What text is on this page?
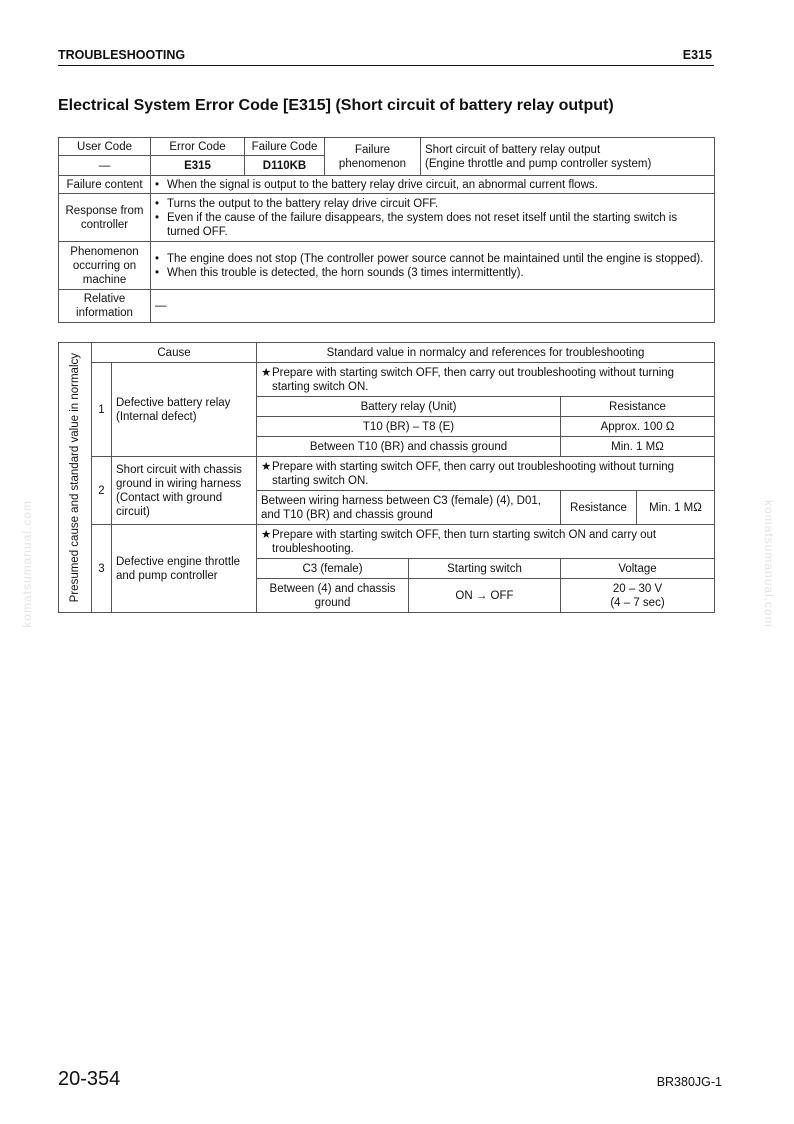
TROUBLESHOOTING	E315
Electrical System Error Code [E315] (Short circuit of battery relay output)
User Code	Error Code	Failure Code	Failure phenomenon	Short circuit of battery relay output
(Engine throttle and pump controller system)

—	E315	D110KB		
Failure content	• When the signal is output to the battery relay drive circuit, an abnormal current flows.			

Response from controller	• Turns the output to the battery relay drive circuit OFF.
• Even if the cause of the failure disappears, the system does not reset itself until the starting switch is turned OFF.			

Phenomenon occurring on machine	• The engine does not stop (The controller power source cannot be maintained until the engine is stopped).
• When this trouble is detected, the horn sounds (3 times intermittently).			

Relative information	—			
Presumed cause and standard value in normalcy	Cause		Standard value in normalcy and references for troubleshooting			
	1	Defective battery relay (Internal defect)	★ Prepare with starting switch OFF, then carry out troubleshooting without turning starting switch ON.			

			Battery relay (Unit)		Resistance	
			T10 (BR) – T8 (E)		Approx. 100 Ω	
			Between T10 (BR) and chassis ground		Min. 1 MΩ	
	2	Short circuit with chassis ground in wiring harness (Contact with ground circuit)	★ Prepare with starting switch OFF, then carry out troubleshooting without turning starting switch ON.			

			Between wiring harness between C3 (female) (4), D01, and T10 (BR) and chassis ground		Resistance	Min. 1 MΩ
	3	Defective engine throttle and pump controller	★ Prepare with starting switch OFF, then turn starting switch ON and carry out troubleshooting.			

			C3 (female)	Starting switch	Voltage	
			Between (4) and chassis ground	ON → OFF	20 – 30 V
(4 – 7 sec)	
komatsumanual.com	komatsumanual.com
20-354	BR380JG-1
